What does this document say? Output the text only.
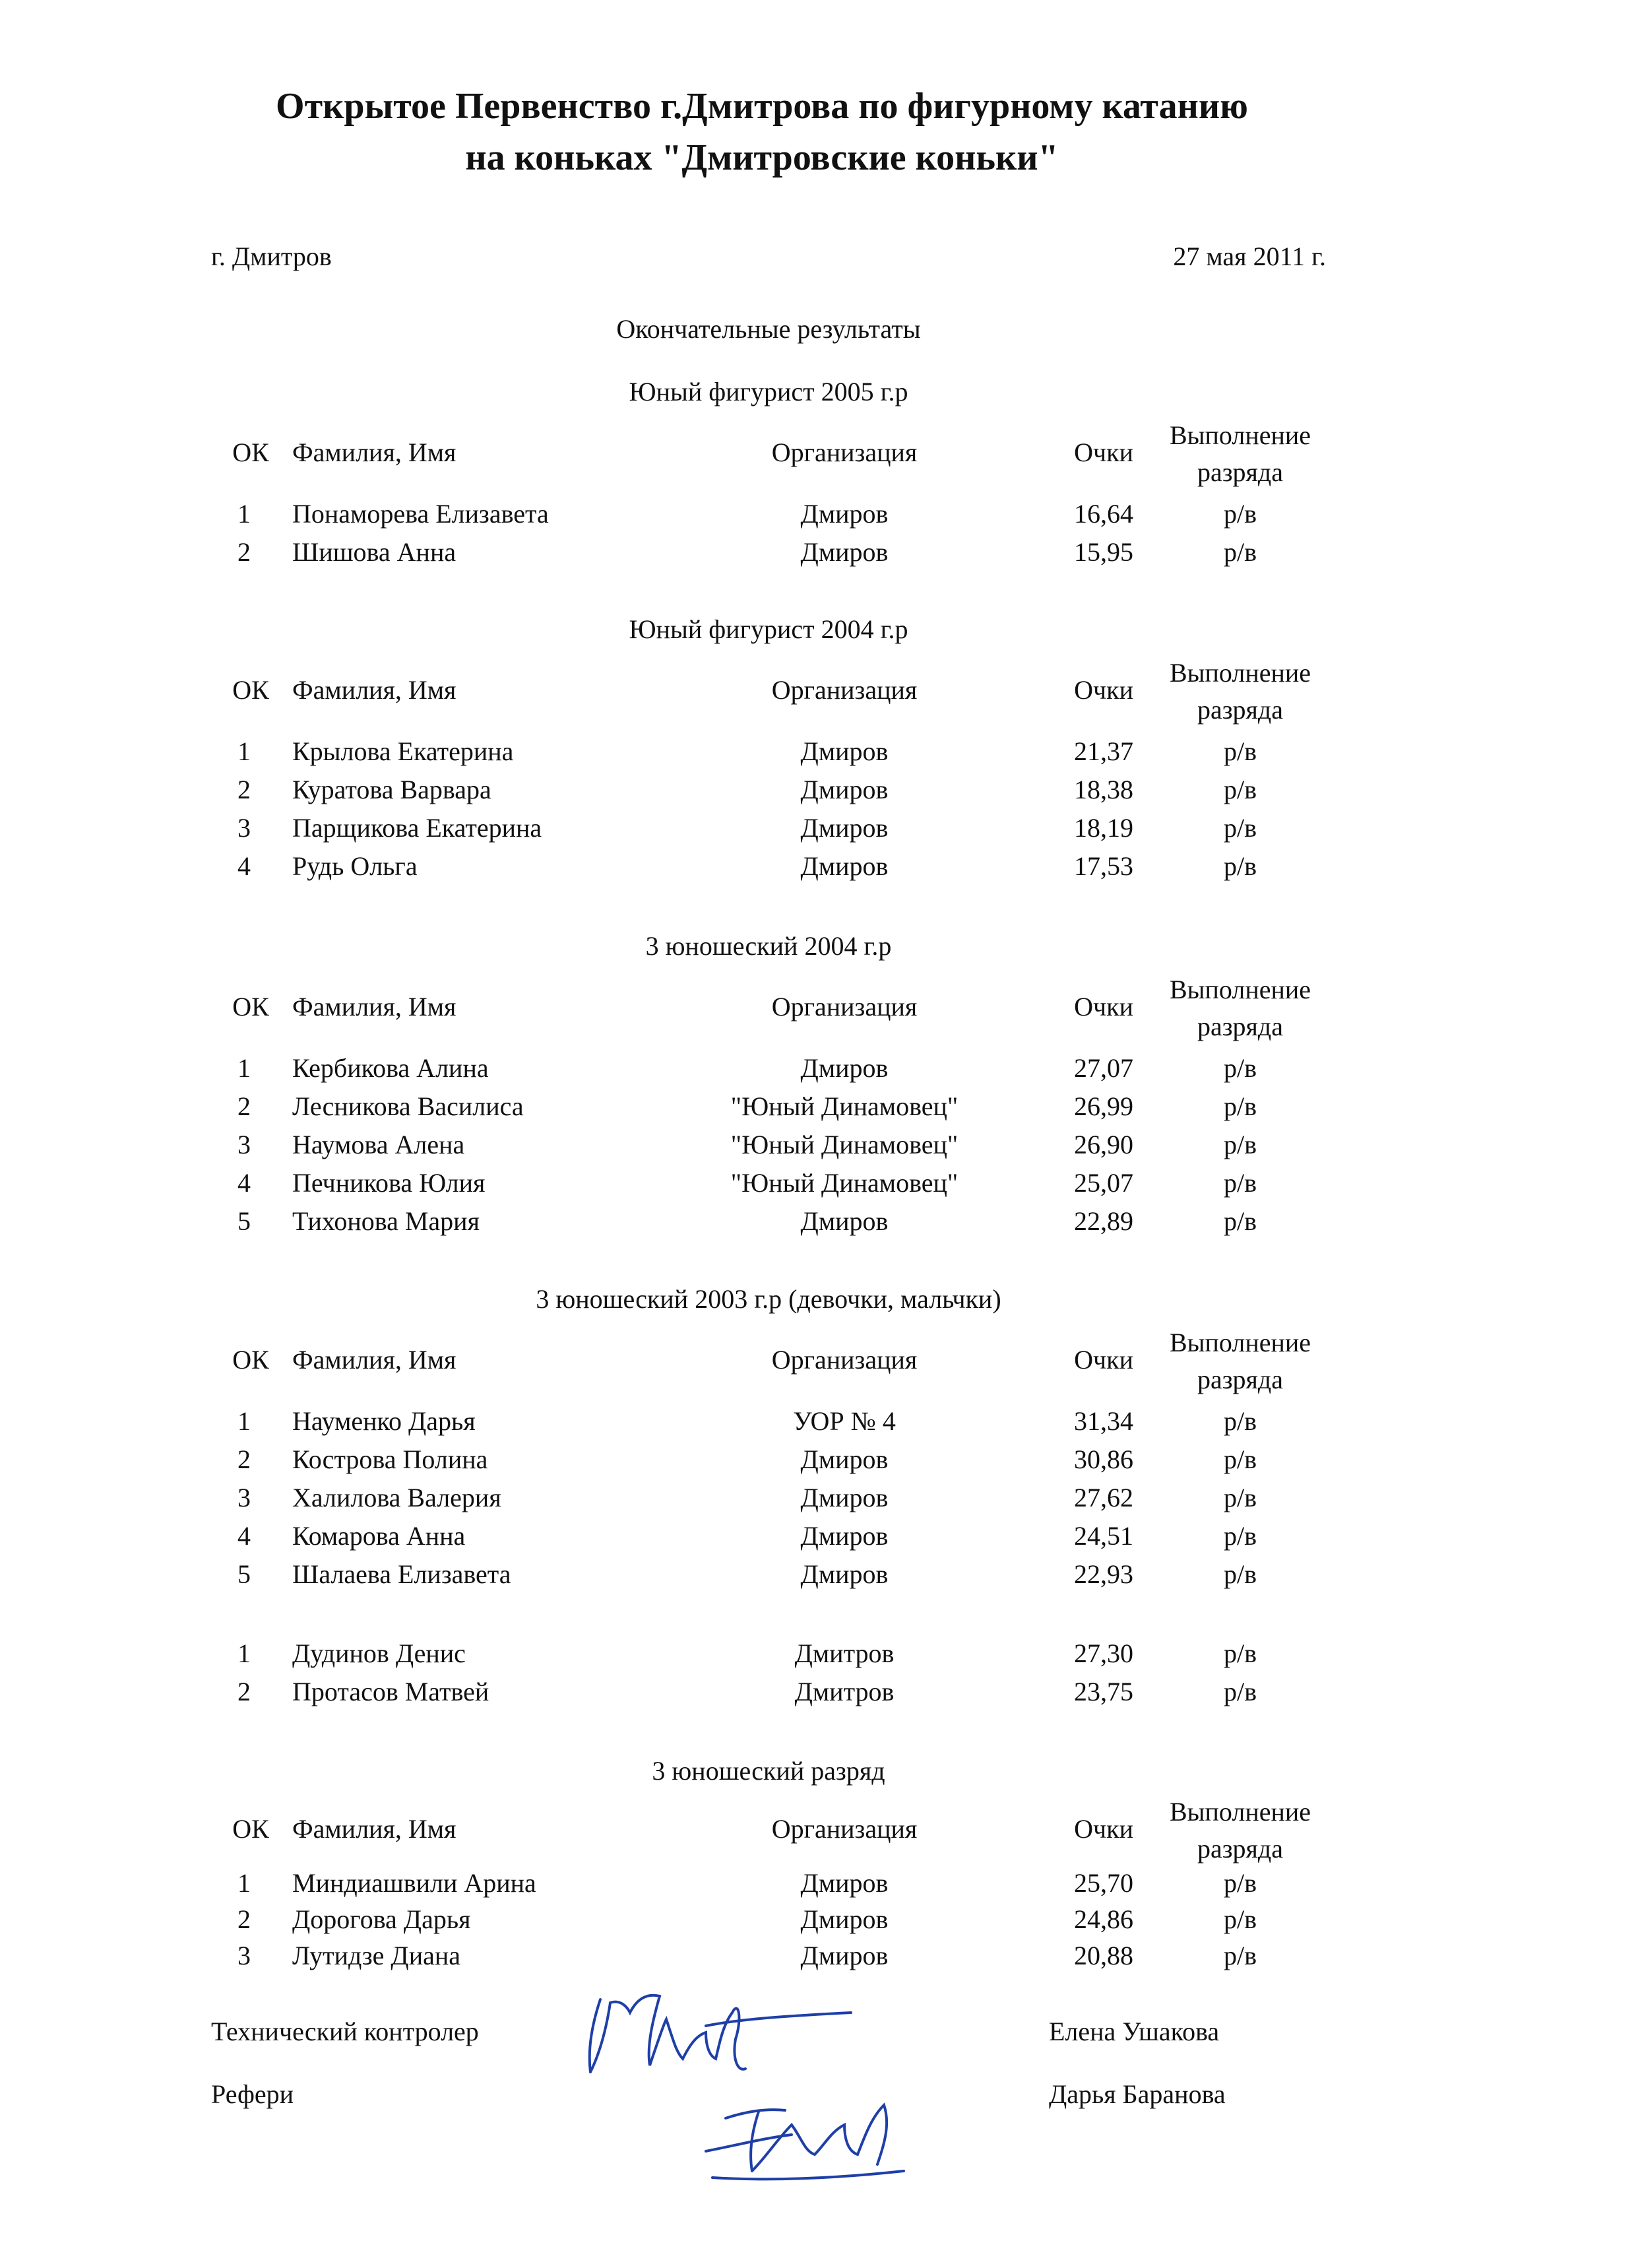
Открытое Первенство г.Дмитрова по фигурному катанию
на коньках "Дмитровские коньки"
г. Дмитров	27 мая 2011 г.
Окончательные результаты
Юный фигурист 2005 г.р
ОК Фамилия, Имя	Организация	Очки
Выполнение
разряда
1	Понаморева Елизавета	Дмиров	16,64	р/в
2	Шишова Анна	Дмиров	15,95	р/в
Юный фигурист 2004 г.р
ОК Фамилия, Имя	Организация	Очки
Выполнение
разряда
1	Крылова Екатерина	Дмиров	21,37	р/в
2	Куратова Варвара	Дмиров	18,38	р/в
3	Парщикова Екатерина	Дмиров	18,19	р/в
4	Рудь Ольга	Дмиров	17,53	р/в
3 юношеский 2004 г.р
ОК Фамилия, Имя	Организация	Очки
Выполнение
разряда
1	Кербикова Алина	Дмиров	27,07	р/в
2	Лесникова Василиса	"Юный Динамовец"	26,99	р/в
3	Наумова Алена	"Юный Динамовец"	26,90	р/в
4	Печникова Юлия	"Юный Динамовец"	25,07	р/в
5	Тихонова Мария	Дмиров	22,89	р/в
3 юношеский 2003 г.р (девочки, мальчки)
ОК Фамилия, Имя	Организация	Очки
Выполнение
разряда
1	Науменко Дарья	УОР № 4	31,34	р/в
2	Кострова Полина	Дмиров	30,86	р/в
3	Халилова Валерия	Дмиров	27,62	р/в
4	Комарова Анна	Дмиров	24,51	р/в
5	Шалаева Елизавета	Дмиров	22,93	р/в
1	Дудинов Денис	Дмитров	27,30	р/в
2	Протасов Матвей	Дмитров	23,75	р/в
3 юношеский разряд
ОК Фамилия, Имя	Организация	Очки
Выполнение
разряда
1	Миндиашвили Арина	Дмиров	25,70	р/в
2	Дорогова Дарья	Дмиров	24,86	р/в
3	Лутидзе Диана	Дмиров	20,88	р/в
Технический контролер	Елена Ушакова
Рефери	Дарья Баранова
